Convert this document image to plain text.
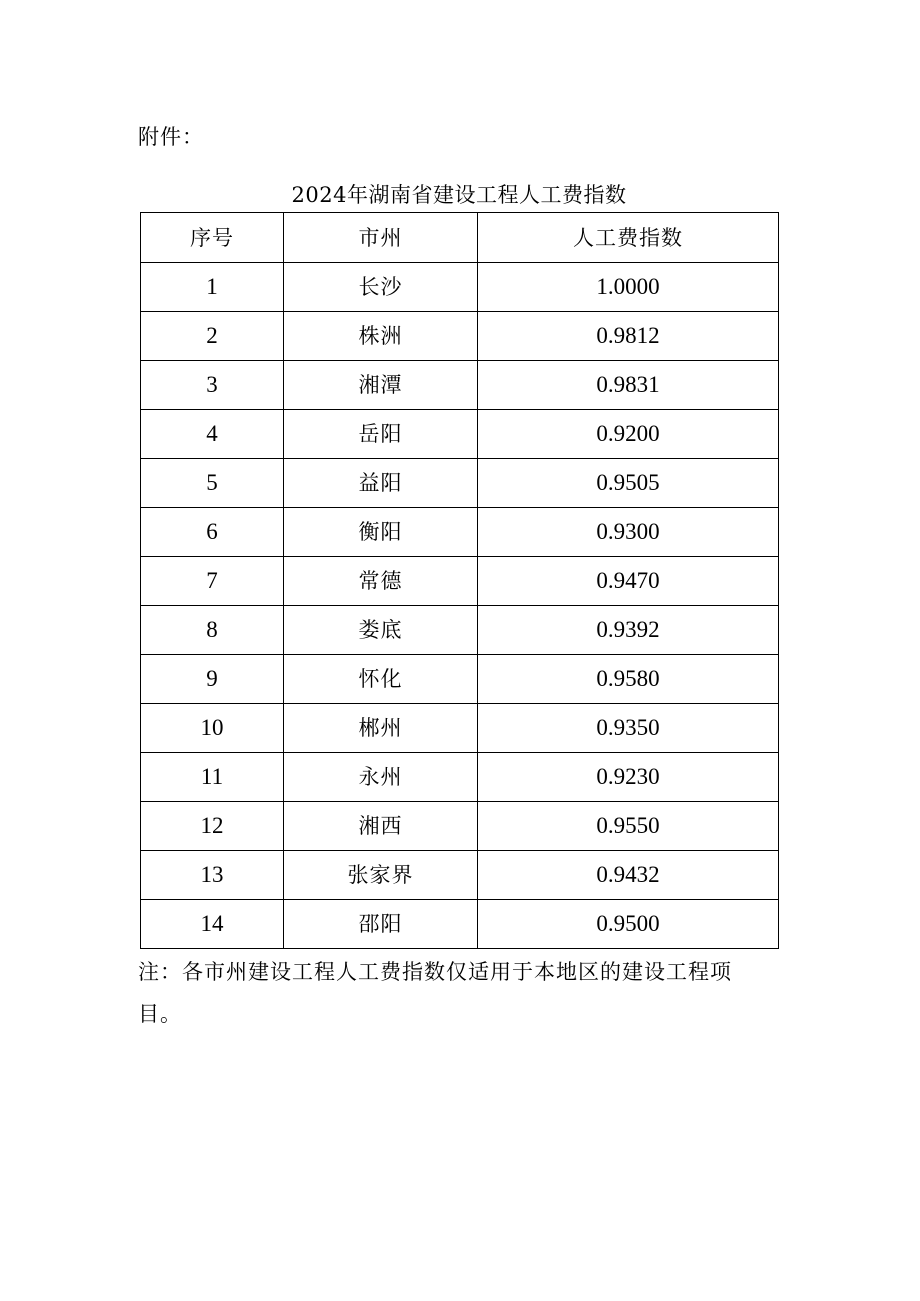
附件：
2024年湖南省建设工程人工费指数
序号	市州	人工费指数
1	长沙	1.0000
2	株洲	0.9812
3	湘潭	0.9831
4	岳阳	0.9200
5	益阳	0.9505
6	衡阳	0.9300
7	常德	0.9470
8	娄底	0.9392
9	怀化	0.9580
10	郴州	0.9350
11	永州	0.9230
12	湘西	0.9550
13	张家界	0.9432
14	邵阳	0.9500

注：各市州建设工程人工费指数仅适用于本地区的建设工程项目。
